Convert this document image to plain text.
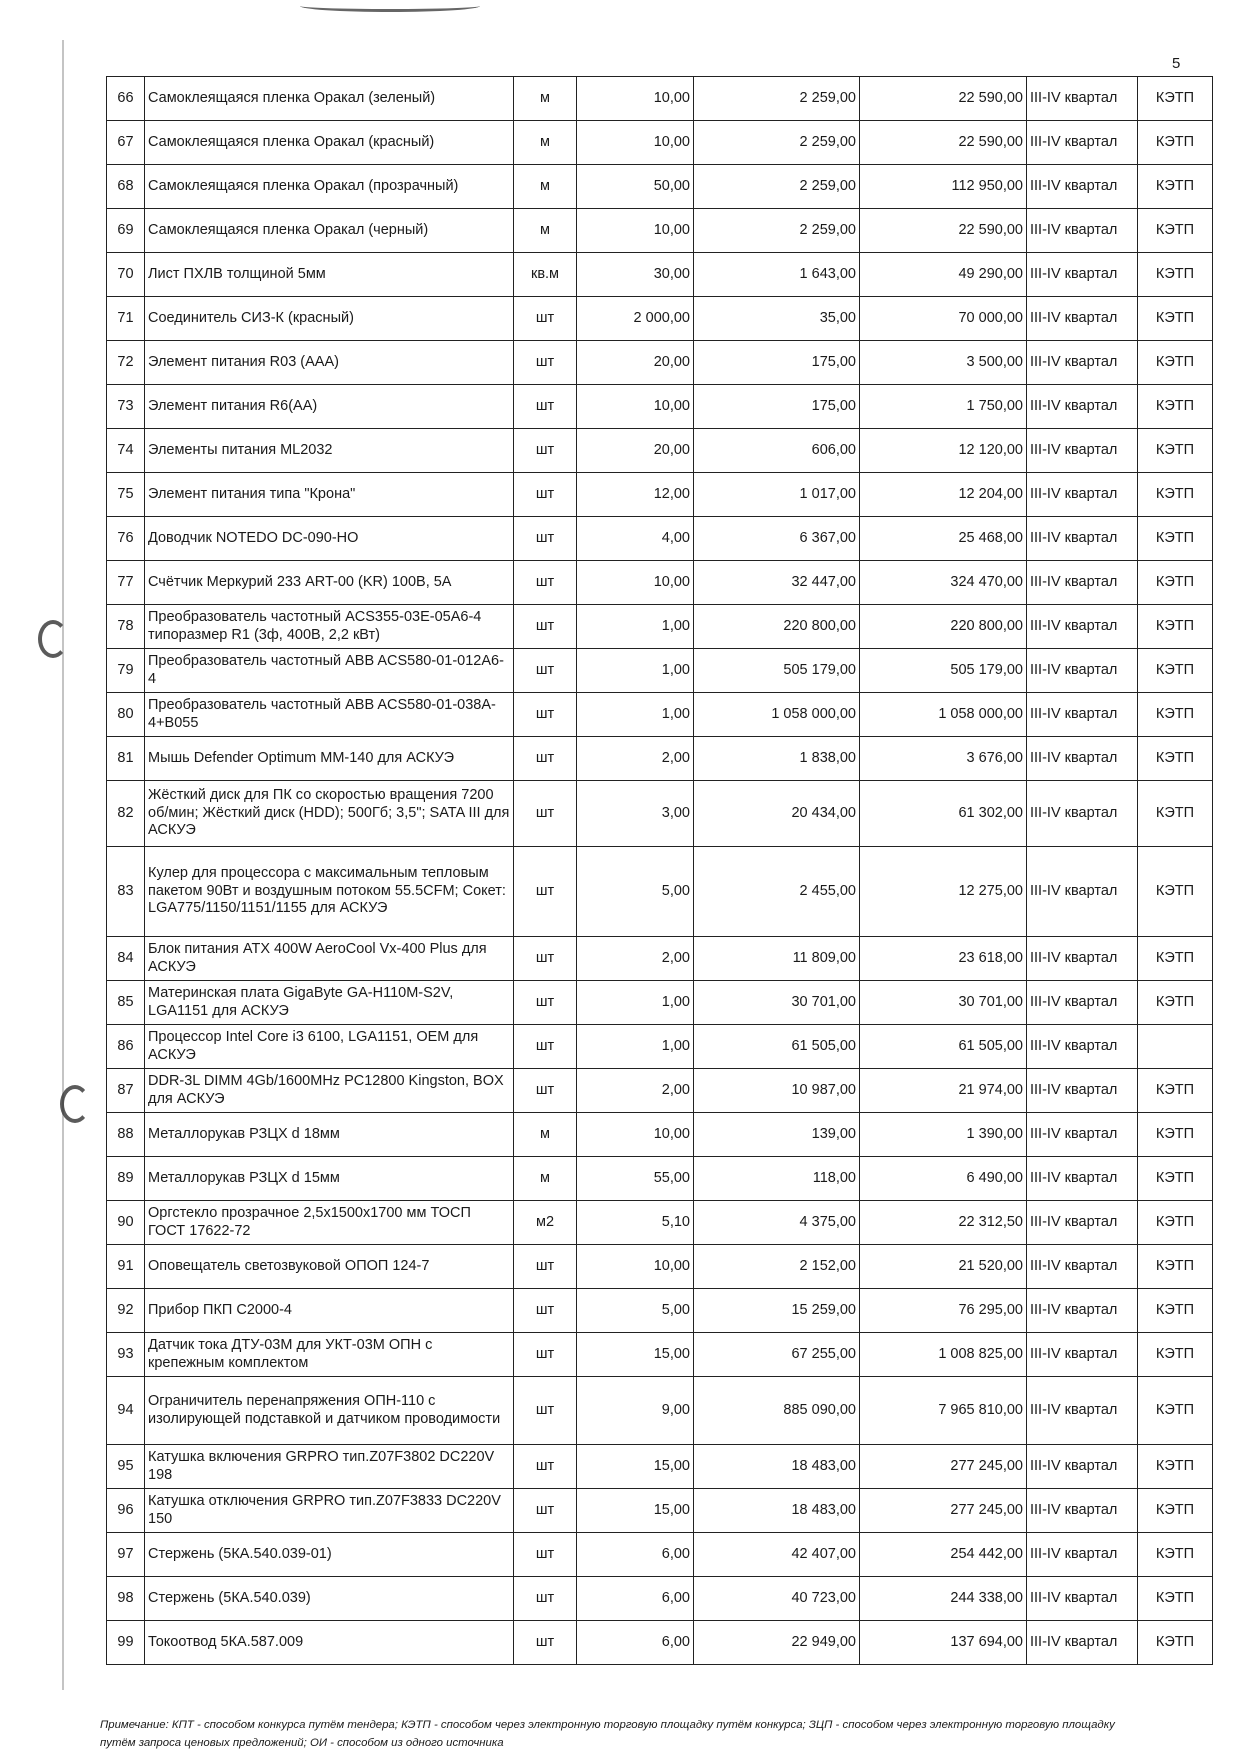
5
66	Самоклеящаяся пленка Оракал (зеленый)	м	10,00	2 259,00	22 590,00	III-IV квартал	КЭТП
67	Самоклеящаяся пленка Оракал (красный)	м	10,00	2 259,00	22 590,00	III-IV квартал	КЭТП
68	Самоклеящаяся пленка Оракал (прозрачный)	м	50,00	2 259,00	112 950,00	III-IV квартал	КЭТП
69	Самоклеящаяся пленка Оракал (черный)	м	10,00	2 259,00	22 590,00	III-IV квартал	КЭТП
70	Лист ПХЛВ толщиной 5мм	кв.м	30,00	1 643,00	49 290,00	III-IV квартал	КЭТП
71	Соединитель СИЗ-К (красный)	шт	2 000,00	35,00	70 000,00	III-IV квартал	КЭТП
72	Элемент питания R03 (AAA)	шт	20,00	175,00	3 500,00	III-IV квартал	КЭТП
73	Элемент питания R6(AA)	шт	10,00	175,00	1 750,00	III-IV квартал	КЭТП
74	Элементы питания ML2032	шт	20,00	606,00	12 120,00	III-IV квартал	КЭТП
75	Элемент питания типа "Крона"	шт	12,00	1 017,00	12 204,00	III-IV квартал	КЭТП
76	Доводчик NOTEDO DC-090-HO	шт	4,00	6 367,00	25 468,00	III-IV квартал	КЭТП
77	Счётчик Меркурий 233 ART-00 (KR) 100В, 5А	шт	10,00	32 447,00	324 470,00	III-IV квартал	КЭТП
78	Преобразователь частотный ACS355-03E-05A6-4 типоразмер R1 (3ф, 400В, 2,2 кВт)	шт	1,00	220 800,00	220 800,00	III-IV квартал	КЭТП
79	Преобразователь частотный ABB ACS580-01-012A6-4	шт	1,00	505 179,00	505 179,00	III-IV квартал	КЭТП
80	Преобразователь частотный ABB ACS580-01-038A-4+B055	шт	1,00	1 058 000,00	1 058 000,00	III-IV квартал	КЭТП
81	Мышь Defender Optimum MM-140 для АСКУЭ	шт	2,00	1 838,00	3 676,00	III-IV квартал	КЭТП
82	Жёсткий диск для ПК со скоростью вращения 7200 об/мин; Жёсткий диск (HDD); 500Гб; 3,5"; SATA III для АСКУЭ	шт	3,00	20 434,00	61 302,00	III-IV квартал	КЭТП
83	Кулер для процессора с максимальным тепловым пакетом 90Вт и воздушным потоком 55.5CFM; Сокет: LGA775/1150/1151/1155 для АСКУЭ	шт	5,00	2 455,00	12 275,00	III-IV квартал	КЭТП
84	Блок питания ATX 400W AeroCool Vx-400 Plus для АСКУЭ	шт	2,00	11 809,00	23 618,00	III-IV квартал	КЭТП
85	Материнская плата GigaByte GA-H110M-S2V, LGA1151 для АСКУЭ	шт	1,00	30 701,00	30 701,00	III-IV квартал	КЭТП
86	Процессор Intel Core i3 6100, LGA1151, OEM для АСКУЭ	шт	1,00	61 505,00	61 505,00	III-IV квартал	
87	DDR-3L DIMM 4Gb/1600MHz PC12800 Kingston, BOX для АСКУЭ	шт	2,00	10 987,00	21 974,00	III-IV квартал	КЭТП
88	Металлорукав РЗЦХ d 18мм	м	10,00	139,00	1 390,00	III-IV квартал	КЭТП
89	Металлорукав РЗЦХ d 15мм	м	55,00	118,00	6 490,00	III-IV квартал	КЭТП
90	Оргстекло прозрачное 2,5x1500x1700 мм ТОСП ГОСТ 17622-72	м2	5,10	4 375,00	22 312,50	III-IV квартал	КЭТП
91	Оповещатель светозвуковой ОПОП 124-7	шт	10,00	2 152,00	21 520,00	III-IV квартал	КЭТП
92	Прибор ПКП С2000-4	шт	5,00	15 259,00	76 295,00	III-IV квартал	КЭТП
93	Датчик тока ДТУ-03М для УКТ-03М ОПН с крепежным комплектом	шт	15,00	67 255,00	1 008 825,00	III-IV квартал	КЭТП
94	Ограничитель перенапряжения ОПН-110 с изолирующей подставкой и датчиком проводимости	шт	9,00	885 090,00	7 965 810,00	III-IV квартал	КЭТП
95	Катушка включения GRPRO тип.Z07F3802 DC220V 198	шт	15,00	18 483,00	277 245,00	III-IV квартал	КЭТП
96	Катушка отключения GRPRO тип.Z07F3833 DC220V 150	шт	15,00	18 483,00	277 245,00	III-IV квартал	КЭТП
97	Стержень (5КА.540.039-01)	шт	6,00	42 407,00	254 442,00	III-IV квартал	КЭТП
98	Стержень (5КА.540.039)	шт	6,00	40 723,00	244 338,00	III-IV квартал	КЭТП
99	Токоотвод 5КА.587.009	шт	6,00	22 949,00	137 694,00	III-IV квартал	КЭТП
Примечание: КПТ - способом конкурса путём тендера; КЭТП - способом через электронную торговую площадку путём конкурса; ЗЦП - способом через электронную торговую площадку путём запроса ценовых предложений; ОИ - способом из одного источника
